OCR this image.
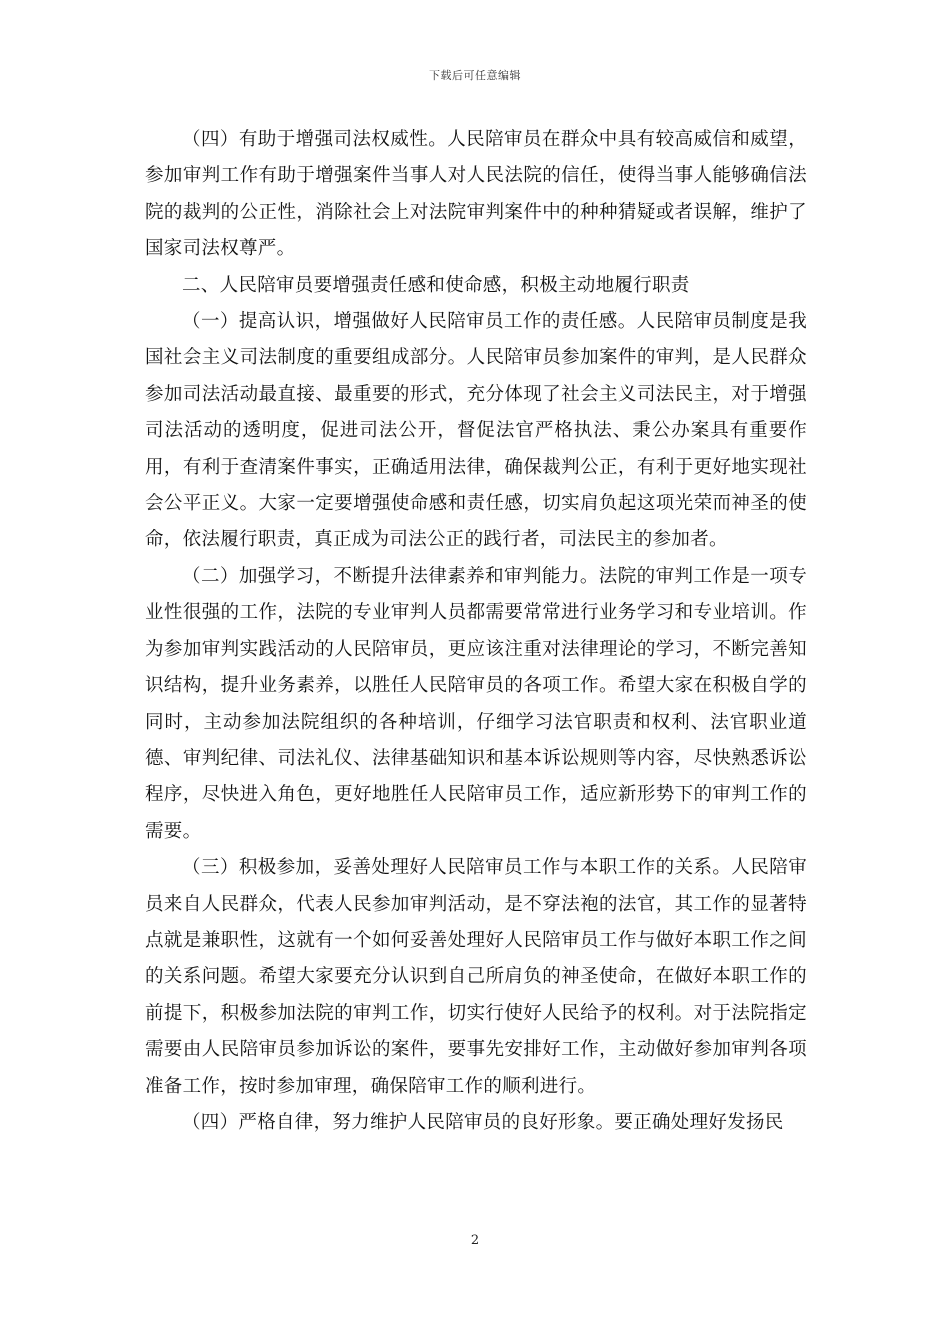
下载后可任意编辑

（四）有助于增强司法权威性。人民陪审员在群众中具有较高威信和威望，参加审判工作有助于增强案件当事人对人民法院的信任，使得当事人能够确信法院的裁判的公正性，消除社会上对法院审判案件中的种种猜疑或者误解，维护了国家司法权尊严。

二、人民陪审员要增强责任感和使命感，积极主动地履行职责

（一）提高认识，增强做好人民陪审员工作的责任感。人民陪审员制度是我国社会主义司法制度的重要组成部分。人民陪审员参加案件的审判，是人民群众参加司法活动最直接、最重要的形式，充分体现了社会主义司法民主，对于增强司法活动的透明度，促进司法公开，督促法官严格执法、秉公办案具有重要作用，有利于查清案件事实，正确适用法律，确保裁判公正，有利于更好地实现社会公平正义。大家一定要增强使命感和责任感，切实肩负起这项光荣而神圣的使命，依法履行职责，真正成为司法公正的践行者，司法民主的参加者。

（二）加强学习，不断提升法律素养和审判能力。法院的审判工作是一项专业性很强的工作，法院的专业审判人员都需要常常进行业务学习和专业培训。作为参加审判实践活动的人民陪审员，更应该注重对法律理论的学习，不断完善知识结构，提升业务素养，以胜任人民陪审员的各项工作。希望大家在积极自学的同时，主动参加法院组织的各种培训，仔细学习法官职责和权利、法官职业道德、审判纪律、司法礼仪、法律基础知识和基本诉讼规则等内容，尽快熟悉诉讼程序，尽快进入角色，更好地胜任人民陪审员工作，适应新形势下的审判工作的需要。

（三）积极参加，妥善处理好人民陪审员工作与本职工作的关系。人民陪审员来自人民群众，代表人民参加审判活动，是不穿法袍的法官，其工作的显著特点就是兼职性，这就有一个如何妥善处理好人民陪审员工作与做好本职工作之间的关系问题。希望大家要充分认识到自己所肩负的神圣使命，在做好本职工作的前提下，积极参加法院的审判工作，切实行使好人民给予的权利。对于法院指定需要由人民陪审员参加诉讼的案件，要事先安排好工作，主动做好参加审判各项准备工作，按时参加审理，确保陪审工作的顺利进行。

（四）严格自律，努力维护人民陪审员的良好形象。要正确处理好发扬民

2
